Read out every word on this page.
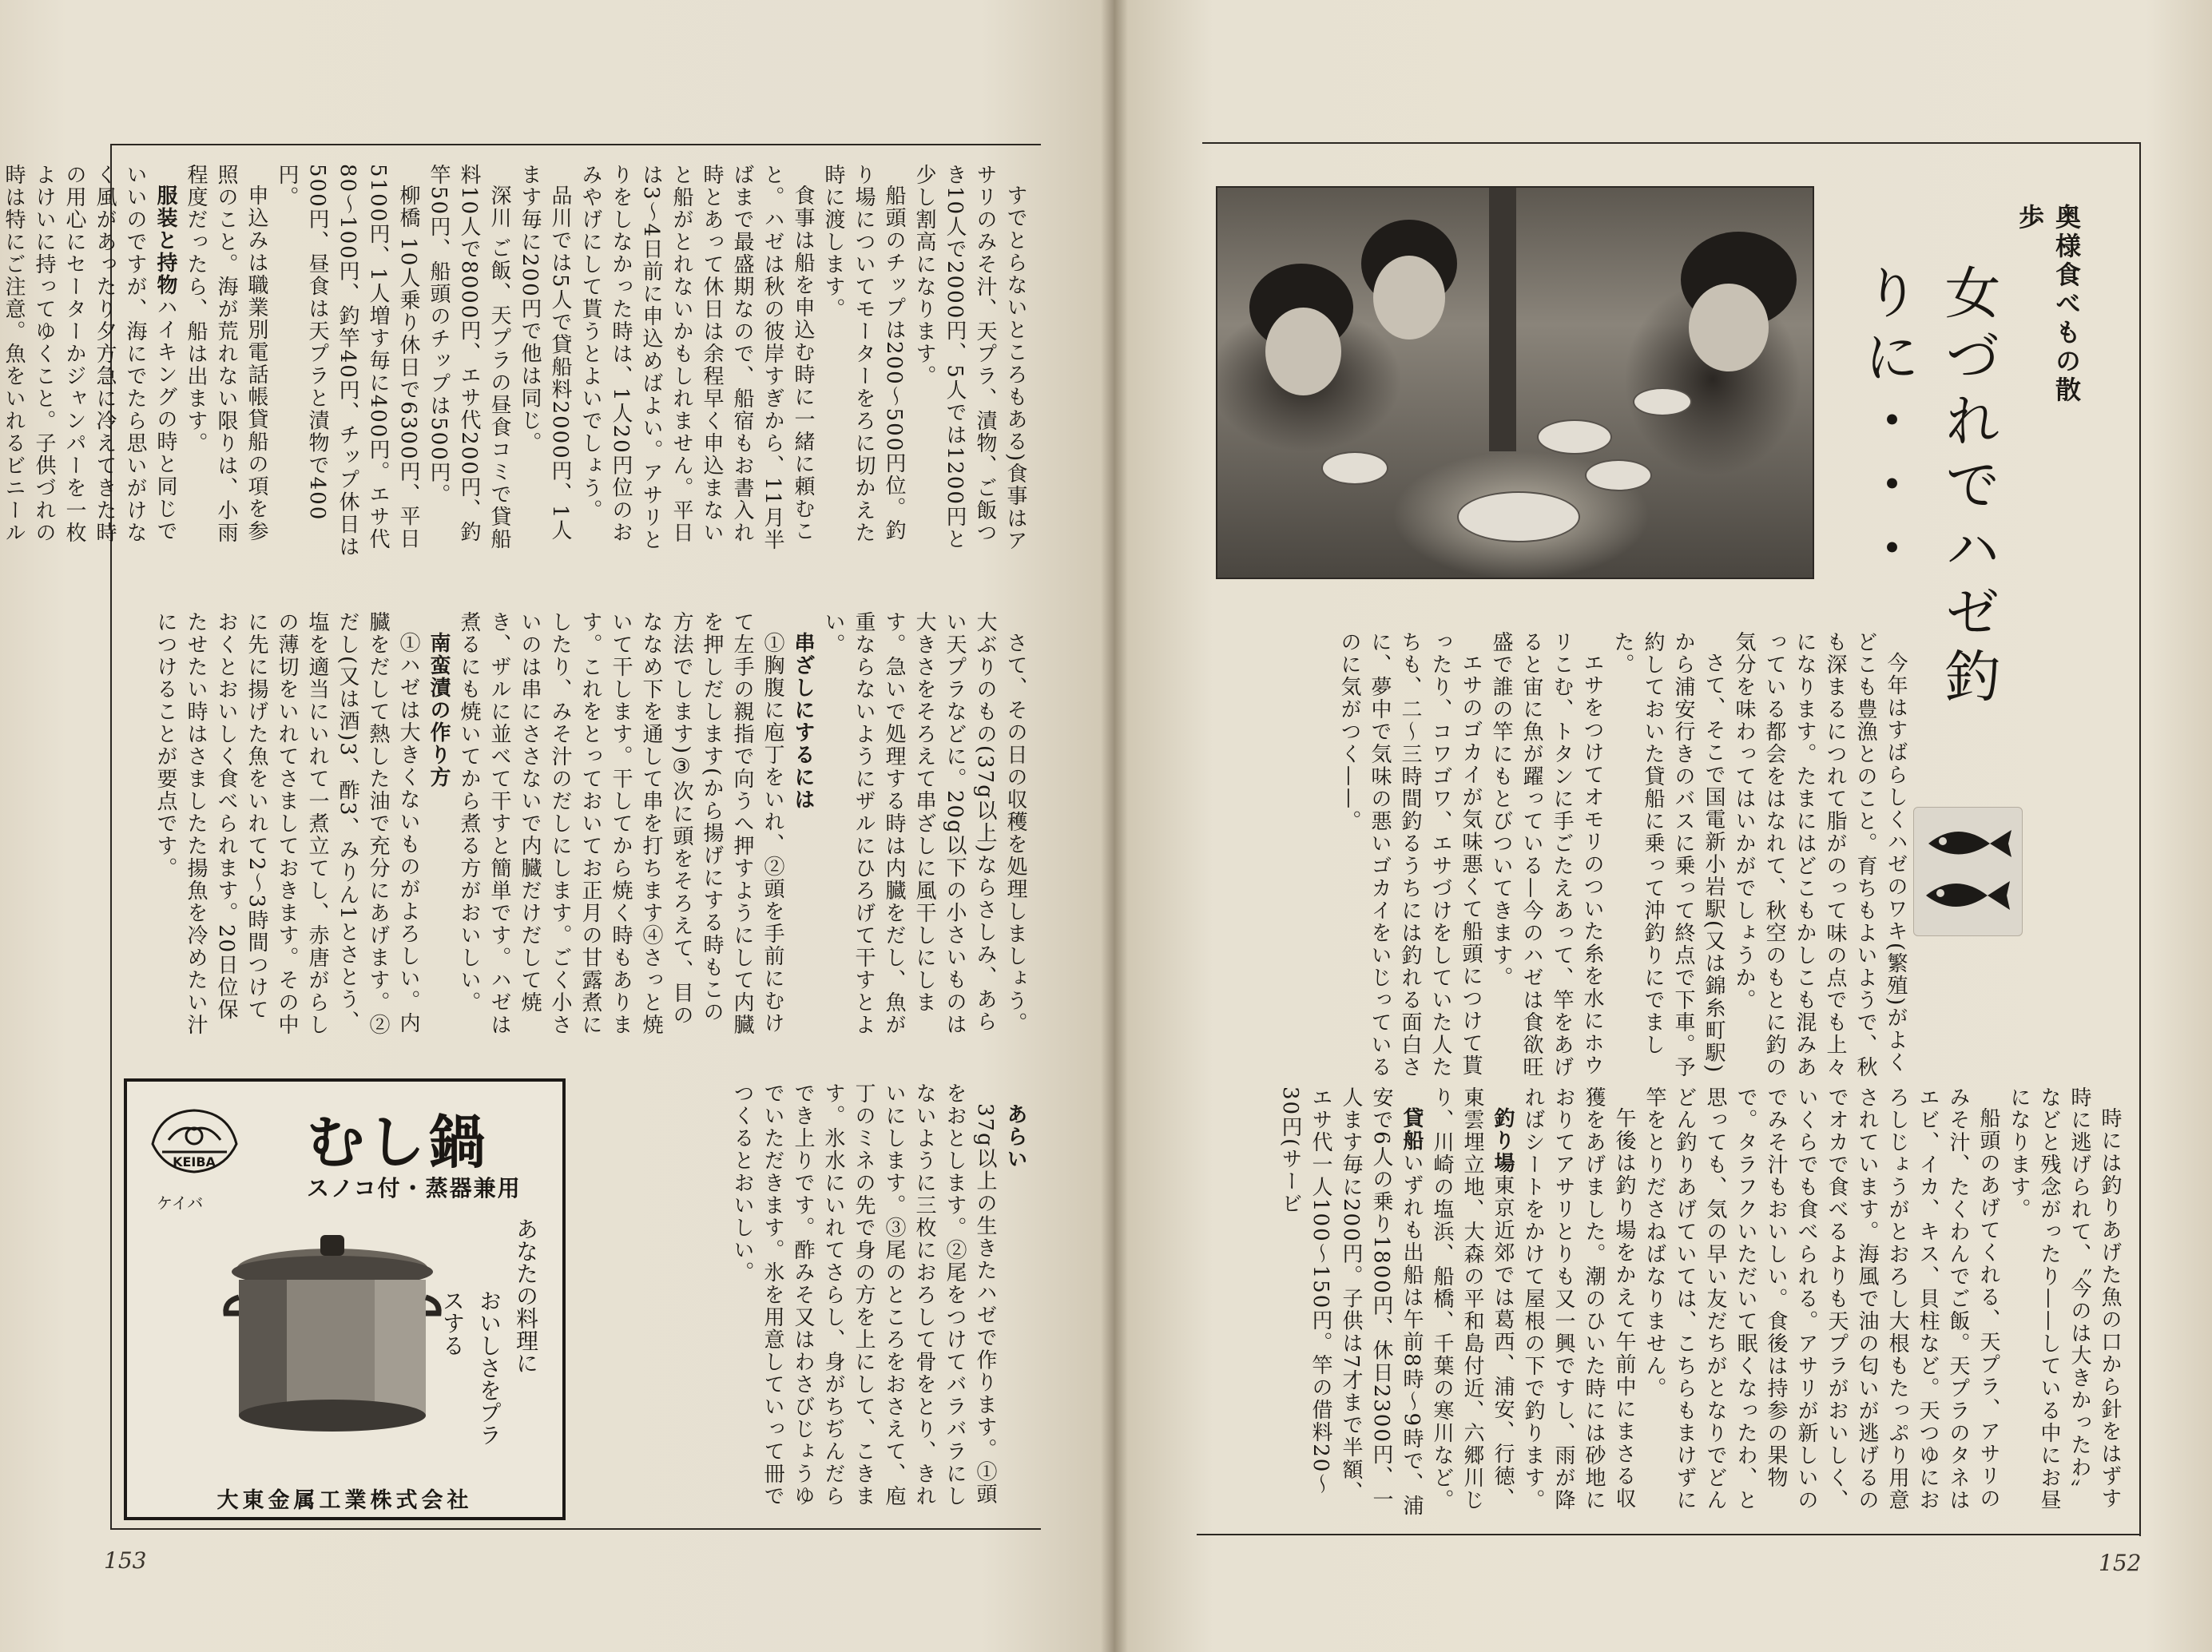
すでとらないところもある)食事はアサリのみそ汁、天プラ、漬物、ご飯つき10人で2000円、5人では1200円と少し割高になります。

船頭のチップは200〜500円位。釣り場についてモーターをろに切かえた時に渡します。

食事は船を申込む時に一緒に頼むこと。ハゼは秋の彼岸すぎから、11月半ばまで最盛期なので、船宿もお書入れ時とあって休日は余程早く申込まないと船がとれないかもしれません。平日は3〜4日前に申込めばよい。アサリとりをしなかった時は、1人20円位のおみやげにして貰うとよいでしょう。

品川では5人で貸船料2000円、1人ます毎に200円で他は同じ。

深川 ご飯、天プラの昼食コミで貸船料10人で8000円、エサ代200円、釣竿50円、船頭のチップは500円。

柳橋 10人乗り休日で6300円、平日5100円、1人増す毎に400円。エサ代80〜100円、釣竿40円、チップ休日は500円、昼食は天プラと漬物で400円。

申込みは職業別電話帳貸船の項を参照のこと。海が荒れない限りは、小雨程度だったら、船は出ます。

服装と持物ハイキングの時と同じでいいのですが、海にでたら思いがけなく風があったり夕方急に冷えてきた時の用心にセーターかジャンパーを一枚よけいに持ってゆくこと。子供づれの時は特にご注意。魚をいれるビニール

さて、その日の収穫を処理しましょう。大ぶりのもの(37g以上)ならさしみ、あらい天プラなどに。20g以下の小さいものは大きさをそろえて串ざしに風干しにします。急いで処理する時は内臓をだし、魚が重ならないようにザルにひろげて干すとよい。

串ざしにするには

①胸腹に庖丁をいれ、②頭を手前にむけて左手の親指で向うへ押すようにして内臓を押しだします(から揚げにする時もこの方法でします)③次に頭をそろえて、目のななめ下を通して串を打ちます④さっと焼いて干します。干してから焼く時もあります。これをとっておいてお正月の甘露煮にしたり、みそ汁のだしにします。ごく小さいのは串にささないで内臓だけだして焼き、ザルに並べて干すと簡単です。ハゼは煮るにも焼いてから煮る方がおいしい。

南蛮漬の作り方

①ハゼは大きくないものがよろしい。内臓をだして熱した油で充分にあげます。②だし(又は酒)3、酢3、みりん1とさとう、塩を適当にいれて一煮立てし、赤唐がらしの薄切をいれてさましておきます。その中に先に揚げた魚をいれて2〜3時間つけておくとおいしく食べられます。20日位保たせたい時はさましたた揚魚を冷めたい汁につけることが要点です。

あらい

37g以上の生きたハゼで作ります。①頭をおとします。②尾をつけてバラバラにしないように三枚におろして骨をとり、きれいにします。③尾のところをおさえて、庖丁のミネの先で身の方を上にして、こきます。氷水にいれてさらし、身がちぢんだらでき上りです。酢みそ又はわさびじょうゆでいただきます。氷を用意していって冊でつくるとおいしい。

KEIBA
ケイバ
むし鍋
スノコ付・蒸器兼用
あなたの料理に
おいしさをプラスする
大東金属工業株式会社
153	152
奥様食べもの散歩
女づれでハゼ釣りに・・・

今年はすばらしくハゼのワキ(繁殖)がよくどこも豊漁とのこと。育ちもよいようで、秋も深まるにつれて脂がのって味の点でも上々になります。たまにはどこもかしこも混みあっている都会をはなれて、秋空のもとに釣の気分を味わってはいかがでしょうか。

さて、そこで国電新小岩駅(又は錦糸町駅)から浦安行きのバスに乗って終点で下車。予約しておいた貸船に乗って沖釣りにでました。

エサをつけてオモリのついた糸を水にホウリこむ、トタンに手ごたえあって、竿をあげると宙に魚が躍っている—今のハゼは食欲旺盛で誰の竿にもとびついてきます。

エサのゴカイが気味悪くて船頭につけて貰ったり、コワゴワ、エサづけをしていた人たちも、二〜三時間釣るうちには釣れる面白さに、夢中で気味の悪いゴカイをいじっているのに気がつく——。

時には釣りあげた魚の口から針をはずす時に逃げられて、〝今のは大きかったわ〟などと残念がったり——している中にお昼になります。

船頭のあげてくれる、天プラ、アサリのみそ汁、たくわんでご飯。天プラのタネはエビ、イカ、キス、貝柱など。天つゆにおろしじょうがとおろし大根もたっぷり用意されています。海風で油の匂いが逃げるのでオカで食べるよりも天プラがおいしく、いくらでも食べられる。アサリが新しいのでみそ汁もおいしい。食後は持参の果物で。タラフクいただいて眠くなったわ、と思っても、気の早い友だちがとなりでどんどん釣りあげていては、こちらもまけずに竿をとりださねばなりません。

午後は釣り場をかえて午前中にまさる収獲をあげました。潮のひいた時には砂地におりてアサリとりも又一興ですし、雨が降ればシートをかけて屋根の下で釣ります。

釣り場東京近郊では葛西、浦安、行徳、東雲埋立地、大森の平和島付近、六郷川じり、川崎の塩浜、船橋、千葉の寒川など。

貸船いずれも出船は午前8時〜9時で、浦安で6人の乗り1800円、休日2300円、一人ます毎に200円。子供は7才まで半額、エサ代一人100〜150円。竿の借料20〜30円(サービ
